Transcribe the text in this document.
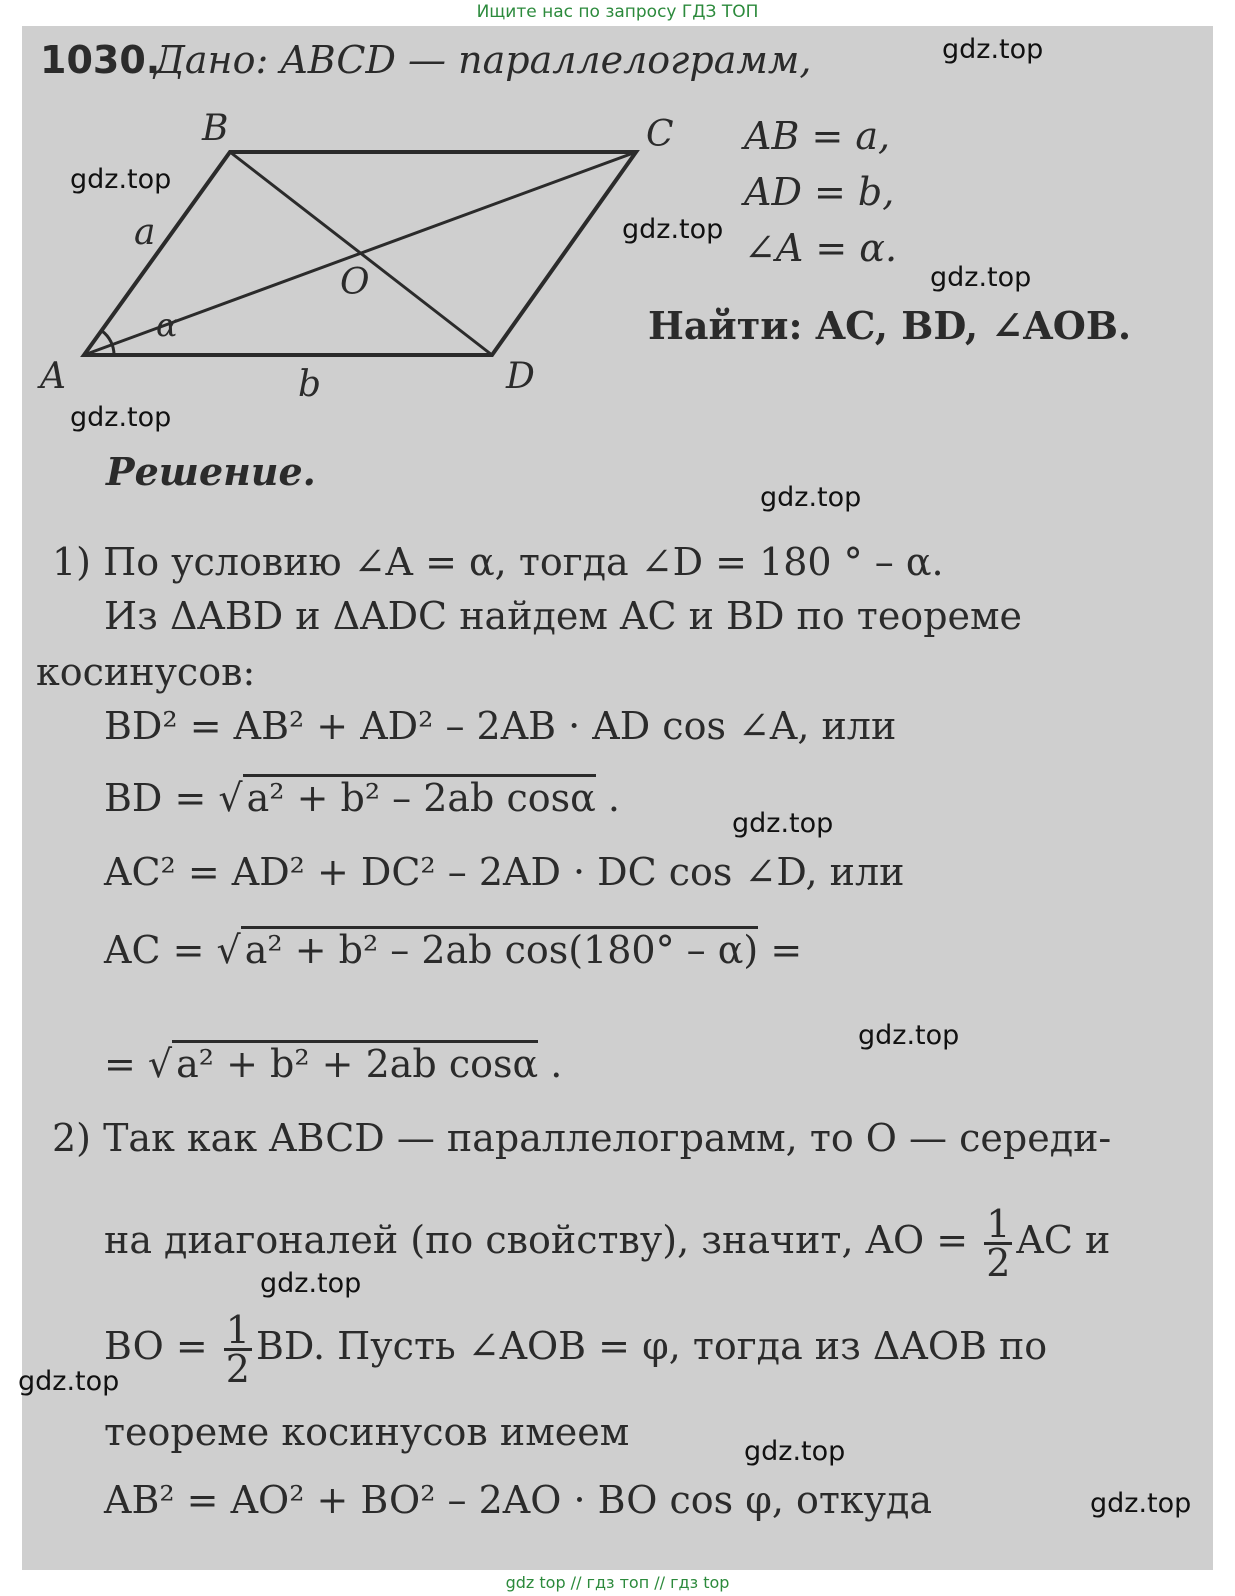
Ищите нас по запросу ГДЗ ТОП
1030.
Дано: ABCD — параллелограмм,
B	C
A	D
O
a
b
α
AB = a,
AD = b,
∠A = α.
Найти: AC, BD, ∠AOB.
Решение.
1) По условию ∠A = α, тогда ∠D = 180 ° – α.
Из ΔABD и ΔADC найдем AC и BD по теореме
косинусов:
BD² = AB² + AD² – 2AB · AD cos ∠A, или
BD = √ a² + b² – 2ab cosα .
AC² = AD² + DC² – 2AD · DC cos ∠D, или
AC = √ a² + b² – 2ab cos(180° – α) =
= √ a² + b² + 2ab cosα .
2) Так как ABCD — параллелограмм, то O — середи-
на диагоналей (по свойству), значит, AO = $\frac{1}{2}$ AC и
BO = $\frac{1}{2}$ BD. Пусть ∠AOB = φ, тогда из ΔAOB по
теореме косинусов имеем
AB² = AO² + BO² – 2AO · BO cos φ, откуда
gdz.top
gdz.top
gdz.top
gdz.top
gdz.top
gdz.top
gdz.top
gdz.top
gdz.top
gdz.top
gdz.top
gdz.top
gdz top // гдз топ // гдз top
